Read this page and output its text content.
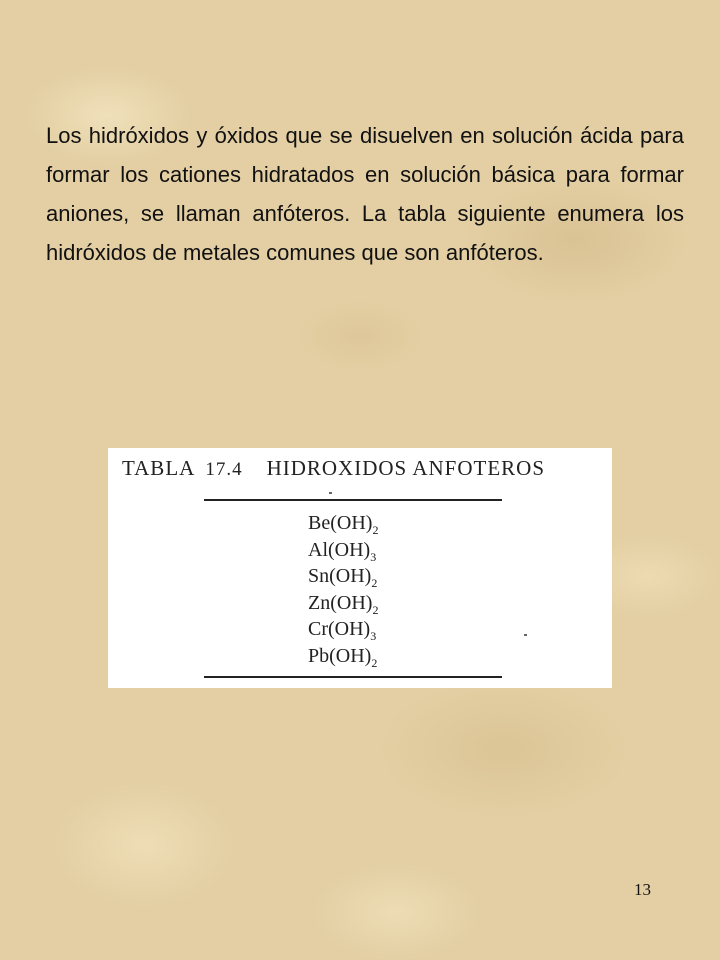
Los hidróxidos y óxidos que se disuelven en solución ácida para formar los cationes hidratados en solución básica para formar aniones, se llaman anfóteros. La tabla siguiente enumera los hidróxidos de metales comunes que son anfóteros.

TABLA 17.4 HIDROXIDOS ANFOTEROS
$Be(OH)_2$
$Al(OH)_3$
$Sn(OH)_2$
$Zn(OH)_2$
$Cr(OH)_3$
$Pb(OH)_2$
13
